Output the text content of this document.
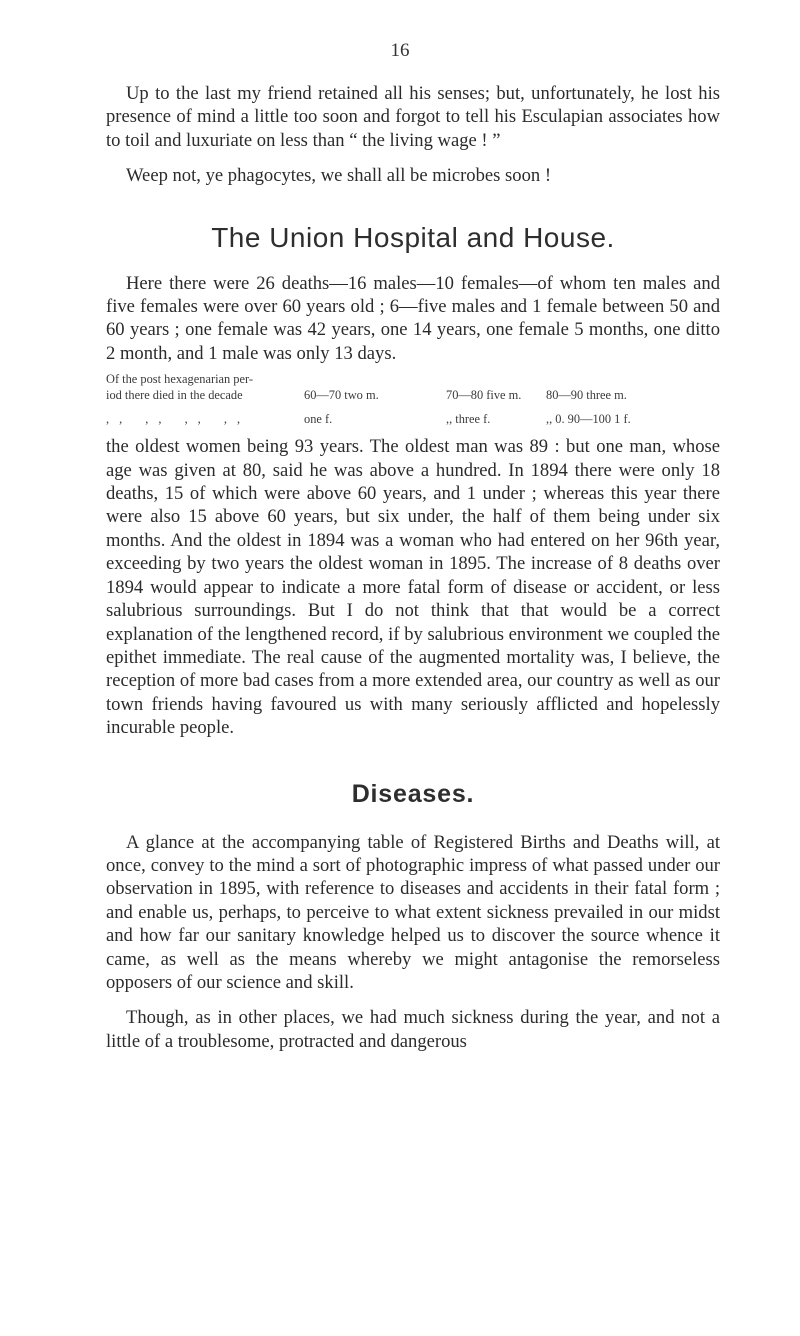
16

Up to the last my friend retained all his senses; but, unfortunately, he lost his presence of mind a little too soon and forgot to tell his Esculapian associates how to toil and luxuriate on less than “ the living wage ! ”

Weep not, ye phagocytes, we shall all be microbes soon !

The Union Hospital and House.

Here there were 26 deaths—16 males—10 females—of whom ten males and five females were over 60 years old ; 6—five males and 1 female between 50 and 60 years ; one female was 42 years, one 14 years, one female 5 months, one ditto 2 month, and 1 male was only 13 days.

Of the post hexagenarian per-
iod there died in the decade	60—70 two m.	70—80 five m.	80—90 three m.
,, ,, ,, ,,	one f.	,, three f.	,, 0. 90—100 1 f.

the oldest women being 93 years. The oldest man was 89 : but one man, whose age was given at 80, said he was above a hundred. In 1894 there were only 18 deaths, 15 of which were above 60 years, and 1 under ; whereas this year there were also 15 above 60 years, but six under, the half of them being under six months. And the oldest in 1894 was a woman who had entered on her 96th year, exceeding by two years the oldest woman in 1895. The increase of 8 deaths over 1894 would appear to indicate a more fatal form of disease or accident, or less salubrious surroundings. But I do not think that that would be a correct explanation of the lengthened record, if by salubrious environment we coupled the epithet immediate. The real cause of the augmented mortality was, I believe, the reception of more bad cases from a more extended area, our country as well as our town friends having favoured us with many seriously afflicted and hopelessly incurable people.

Diseases.

A glance at the accompanying table of Registered Births and Deaths will, at once, convey to the mind a sort of photographic impress of what passed under our observation in 1895, with reference to diseases and accidents in their fatal form ; and enable us, perhaps, to perceive to what extent sickness prevailed in our midst and how far our sanitary knowledge helped us to discover the source whence it came, as well as the means whereby we might antagonise the remorseless opposers of our science and skill.

Though, as in other places, we had much sickness during the year, and not a little of a troublesome, protracted and dangerous
